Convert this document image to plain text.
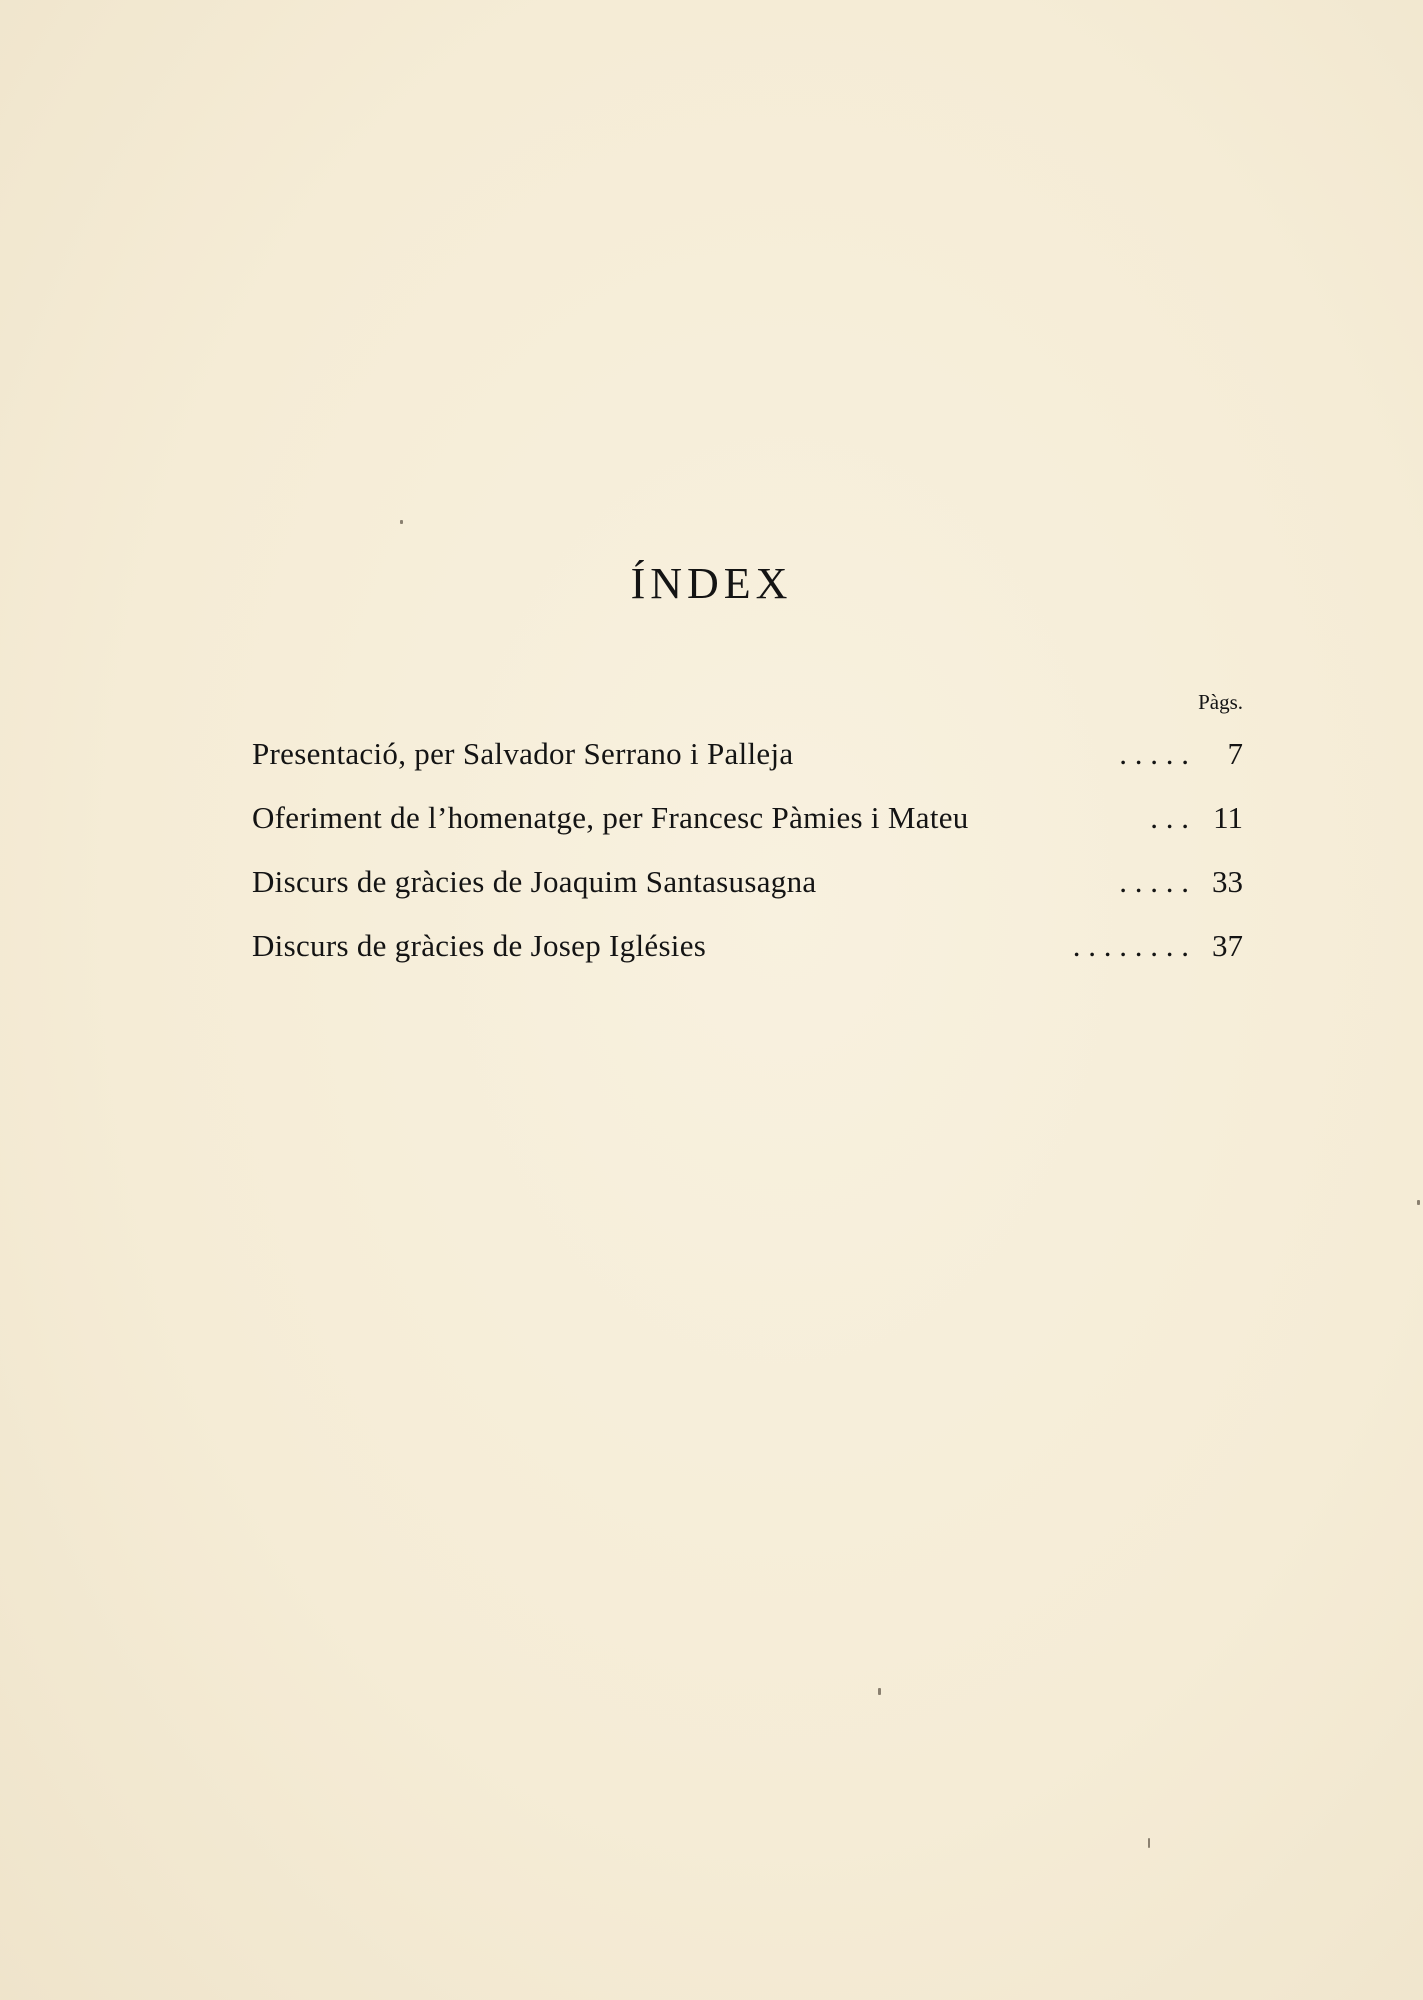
ÍNDEX
Pàgs.
Presentació, per Salvador Serrano i Palleja	. . . . .	7
Oferiment de l’homenatge, per Francesc Pàmies i Mateu	. . . 11
Discurs de gràcies de Joaquim Santasusagna	. . . . . 33
Discurs de gràcies de Josep Iglésies	. . . . . . . . 37
